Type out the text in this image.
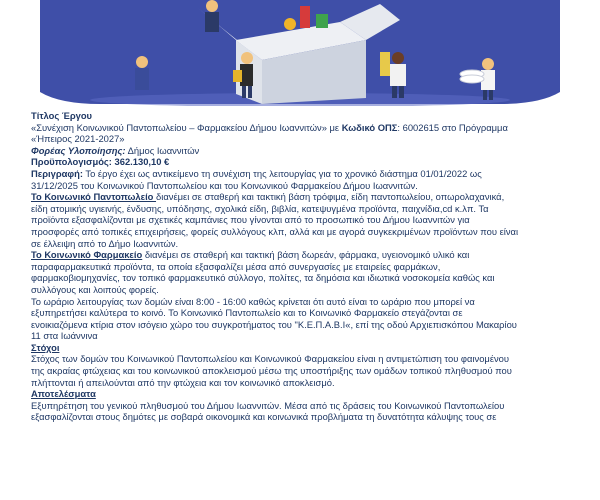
Τίτλος Έργου
«Συνέχιση Κοινωνικού Παντοπωλείου – Φαρμακείου Δήμου Ιωαννιτών» με Κωδικό ΟΠΣ: 6002615 στο Πρόγραμμα
«Ήπειρος 2021-2027»
Φορέας Υλοποίησης: Δήμος Ιωαννιτών
Προϋπολογισμός: 362.130,10 €
Περιγραφή: Το έργο έχει ως αντικείμενο τη συνέχιση της λειτουργίας για το χρονικό διάστημα 01/01/2022 ως
31/12/2025 του Κοινωνικού Παντοπωλείου και του Κοινωνικού Φαρμακείου Δήμου Ιωαννιτών.
Το Κοινωνικό Παντοπωλείο διανέμει σε σταθερή και τακτική βάση τρόφιμα, είδη παντοπωλείου, οπωρολαχανικά,
είδη ατομικής υγιεινής, ένδυσης, υπόδησης, σχολικά είδη, βιβλία, κατεψυγμένα προϊόντα, παιχνίδια,cd κ.λπ. Τα
προϊόντα εξασφαλίζονται με σχετικές καμπάνιες που γίνονται από το προσωπικό του Δήμου Ιωαννιτών για
προσφορές από τοπικές επιχειρήσεις, φορείς συλλόγους κλπ, αλλά και με αγορά συγκεκριμένων προϊόντων που είναι
σε έλλειψη από το Δήμο Ιωαννιτών.
Το Κοινωνικό Φαρμακείο διανέμει σε σταθερή και τακτική βάση δωρεάν, φάρμακα, υγειονομικό υλικό και
παραφαρμακευτικά προϊόντα, τα οποία εξασφαλίζει μέσα από συνεργασίες με εταιρείες φαρμάκων,
φαρμακοβιομηχανίες, τον τοπικό φαρμακευτικό σύλλογο, πολίτες, τα δημόσια και ιδιωτικά νοσοκομεία καθώς και
συλλόγους και λοιπούς φορείς.
Το ωράριο λειτουργίας των δομών είναι 8:00 - 16:00 καθώς κρίνεται ότι αυτό είναι το ωράριο που μπορεί να
εξυπηρετήσει καλύτερα το κοινό. Το Κοινωνικό Παντοπωλείο και το Κοινωνικό Φαρμακείο στεγάζονται σε
ενοικιαζόμενα κτίρια στον ισόγειο χώρο του συγκροτήματος του "Κ.Ε.Π.Α.Β.Ι«, επί της οδού Αρχιεπισκόπου Μακαρίου
11 στα Ιωάννινα
Στόχοι
Στόχος των δομών του Κοινωνικού Παντοπωλείου και Κοινωνικού Φαρμακείου είναι η αντιμετώπιση του φαινομένου
της ακραίας φτώχειας και του κοινωνικού αποκλεισμού μέσω της υποστήριξης των ομάδων τοπικού πληθυσμού που
πλήττονται ή απειλούνται από την φτώχεια και τον κοινωνικό αποκλεισμό.
Αποτελέσματα
Εξυπηρέτηση του γενικού πληθυσμού του Δήμου Ιωαννιτών. Μέσα από τις δράσεις του Κοινωνικού Παντοπωλείου
εξασφαλίζονται στους δημότες με σοβαρά οικονομικά και κοινωνικά προβλήματα τη δυνατότητα κάλυψης τους σε
